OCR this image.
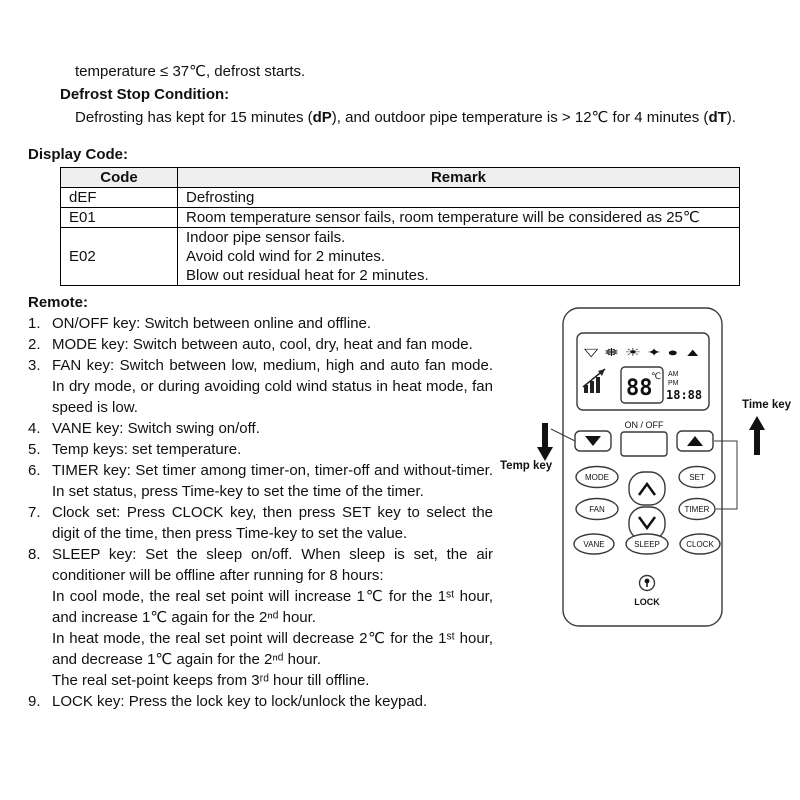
temperature ≤ 37℃, defrost starts.
Defrost Stop Condition:
Defrosting has kept for 15 minutes (dP), and outdoor pipe temperature is > 12℃ for 4 minutes (dT).
Display Code:
Code	Remark
dEF	Defrosting

E01	Room temperature sensor fails, room temperature will be considered as 25℃

E02	Indoor pipe sensor fails.
Avoid cold wind for 2 minutes.
Blow out residual heat for 2 minutes.
Remote:
1. ON/OFF key: Switch between online and offline.
2. MODE key: Switch between auto, cool, dry, heat and fan mode.
3. FAN key: Switch between low, medium, high and auto fan mode. In dry mode, or during avoiding cold wind status in heat mode, fan speed is low.
4. VANE key: Switch swing on/off.
5. Temp keys: set temperature.
6. TIMER key: Set timer among timer-on, timer-off and without-timer. In set status, press Time-key to set the time of the timer.
7. Clock set: Press CLOCK key, then press SET key to select the digit of the time, then press Time-key to set the value.
8. SLEEP key: Set the sleep on/off. When sleep is set, the air conditioner will be offline after running for 8 hours:
In cool mode, the real set point will increase 1℃ for the 1ˢᵗ hour, and increase 1℃ again for the 2ⁿᵈ hour.
In heat mode, the real set point will decrease 2℃ for the 1ˢᵗ hour, and decrease 1℃ again for the 2ⁿᵈ hour.
The real set-point keeps from 3ʳᵈ hour till offline.
9. LOCK key: Press the lock key to lock/unlock the keypad.
▽ ❅ ☀ ✦ ● ▲
88
℃ AM
PM
18:88
ON / OFF
MODE	SET
FAN	TIMER
VANE	SLEEP	CLOCK
LOCK
Temp key
Time key
